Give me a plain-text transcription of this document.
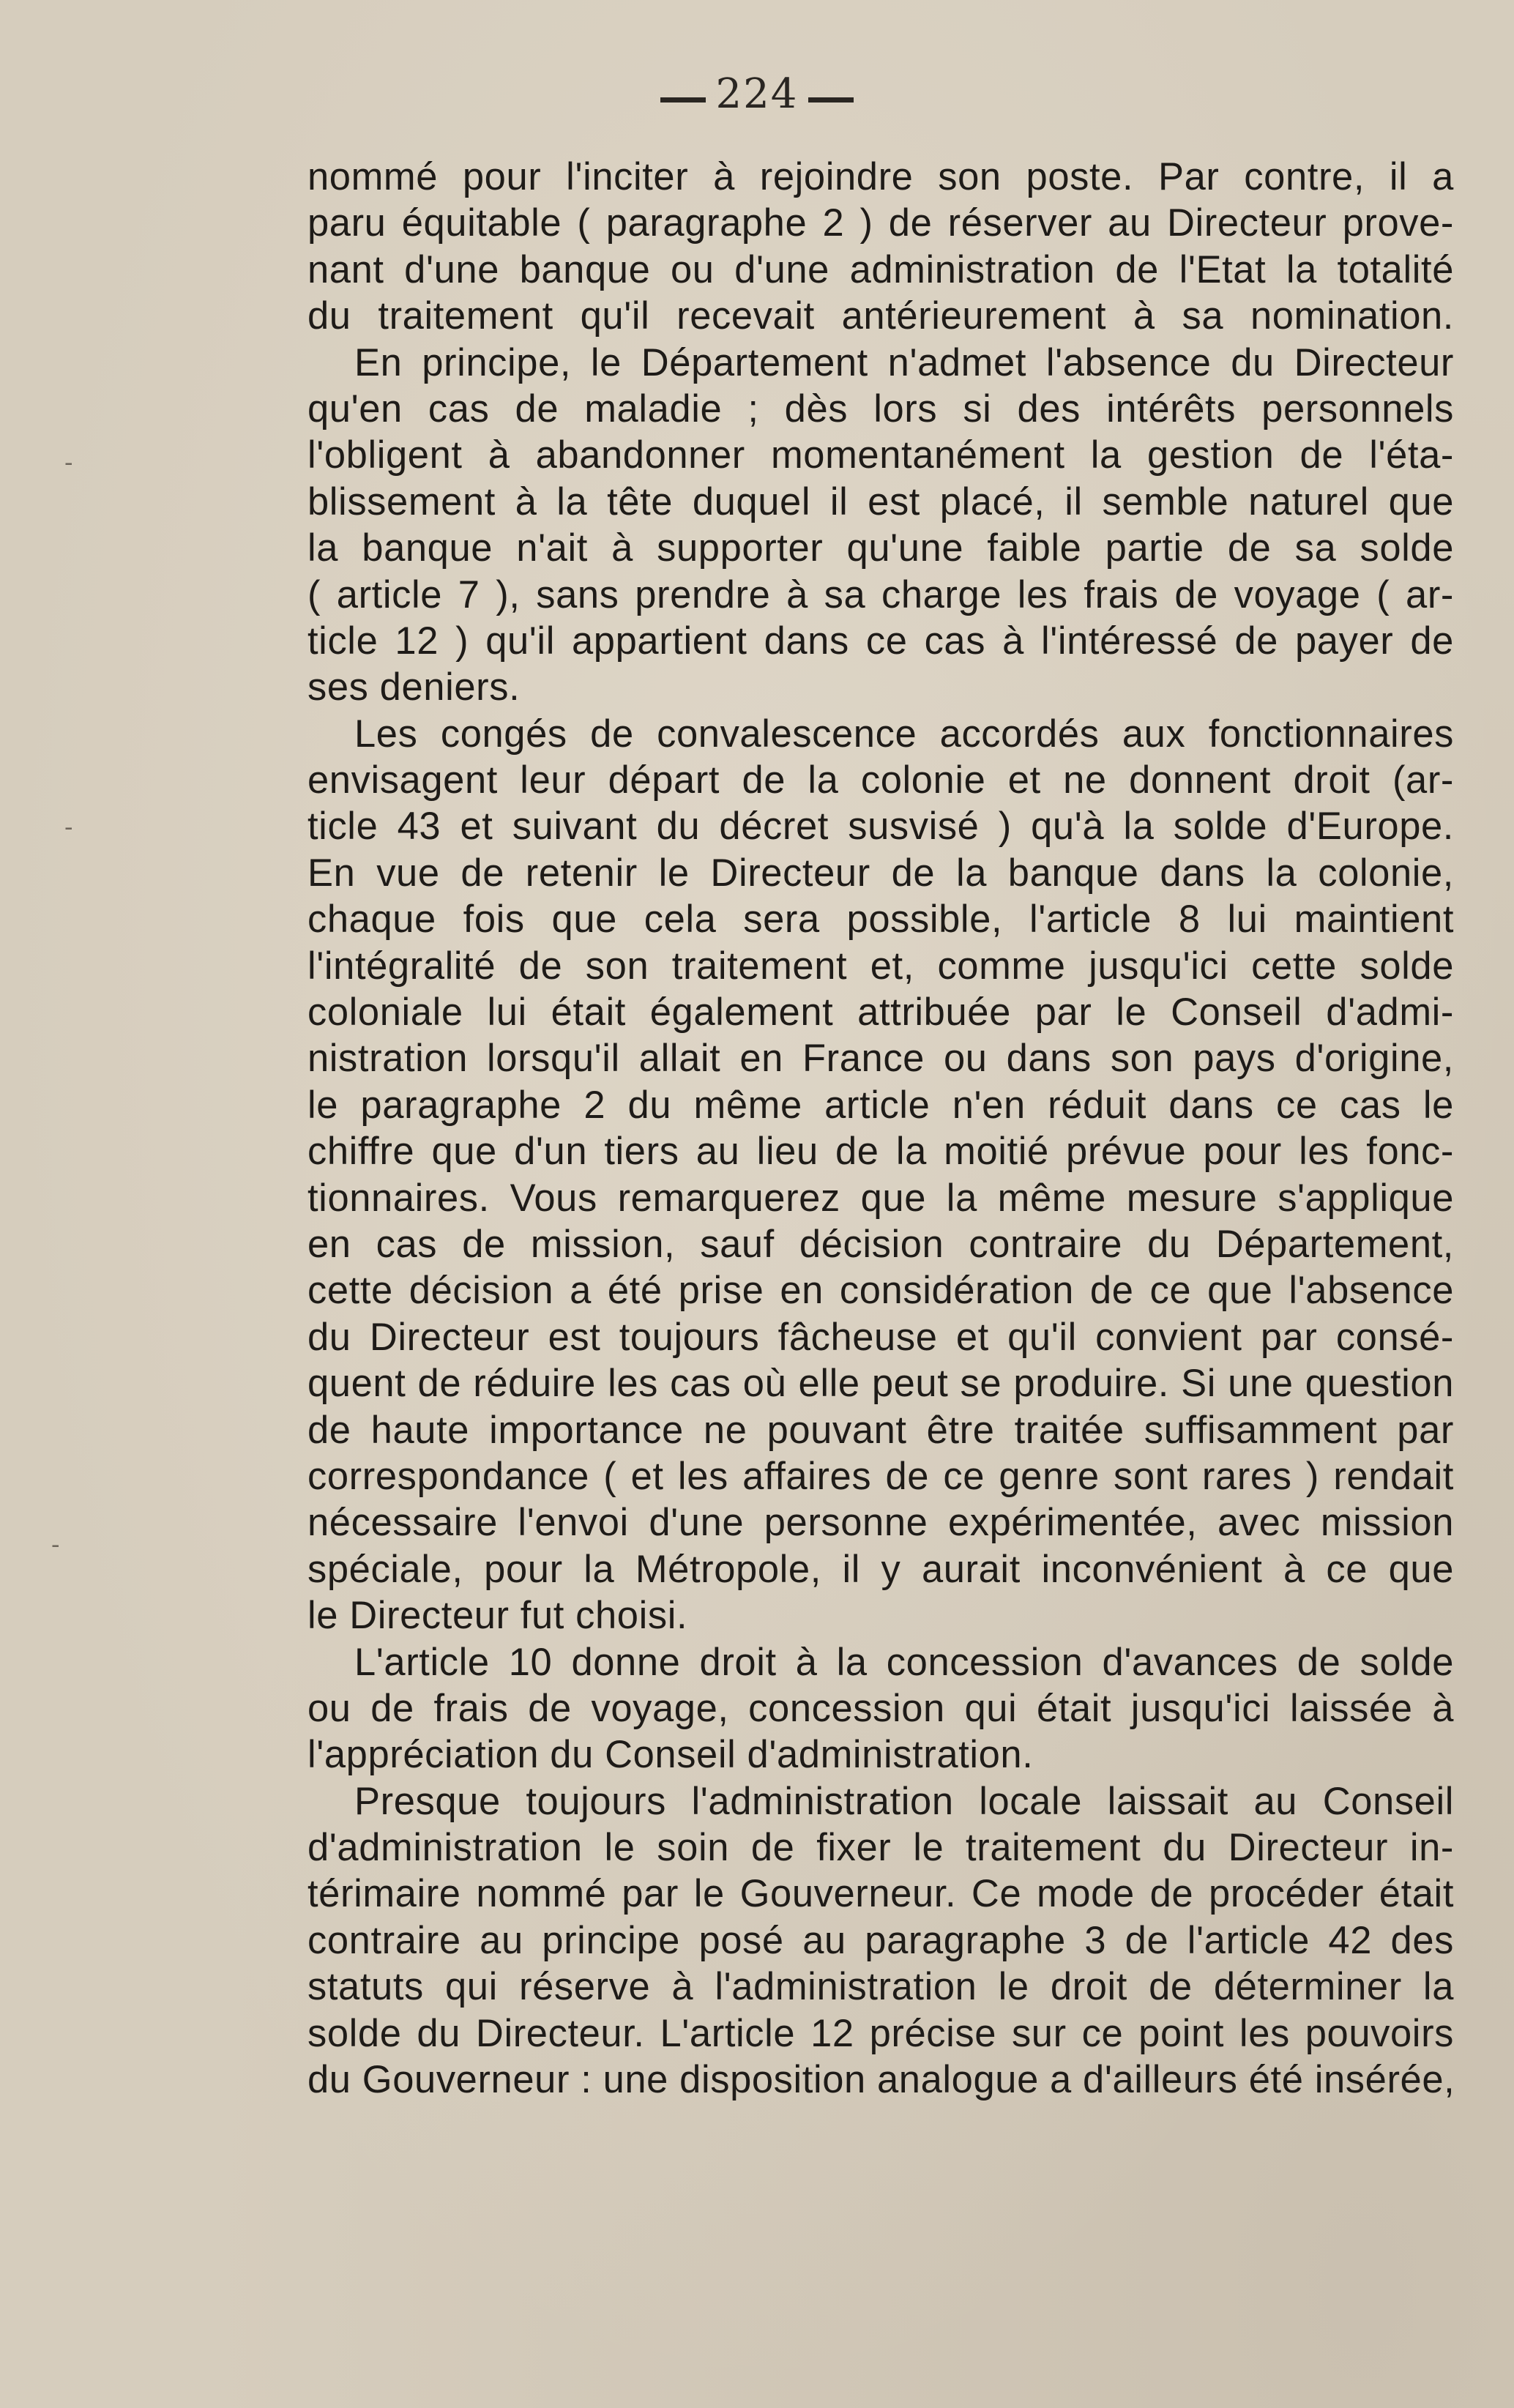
224
-
-
-
nommé pour l'inciter à rejoindre son poste. Par contre, il a
paru équitable ( paragraphe 2 ) de réserver au Directeur prove-
nant d'une banque ou d'une administration de l'Etat la totalité
du traitement qu'il recevait antérieurement à sa nomination.
En principe, le Département n'admet l'absence du Directeur
qu'en cas de maladie ; dès lors si des intérêts personnels
l'obligent à abandonner momentanément la gestion de l'éta-
blissement à la tête duquel il est placé, il semble naturel que
la banque n'ait à supporter qu'une faible partie de sa solde
( article 7 ), sans prendre à sa charge les frais de voyage ( ar-
ticle 12 ) qu'il appartient dans ce cas à l'intéressé de payer de
ses deniers.
Les congés de convalescence accordés aux fonctionnaires
envisagent leur départ de la colonie et ne donnent droit (ar-
ticle 43 et suivant du décret susvisé ) qu'à la solde d'Europe.
En vue de retenir le Directeur de la banque dans la colonie,
chaque fois que cela sera possible, l'article 8 lui maintient
l'intégralité de son traitement et, comme jusqu'ici cette solde
coloniale lui était également attribuée par le Conseil d'admi-
nistration lorsqu'il allait en France ou dans son pays d'origine,
le paragraphe 2 du même article n'en réduit dans ce cas le
chiffre que d'un tiers au lieu de la moitié prévue pour les fonc-
tionnaires. Vous remarquerez que la même mesure s'applique
en cas de mission, sauf décision contraire du Département,
cette décision a été prise en considération de ce que l'absence
du Directeur est toujours fâcheuse et qu'il convient par consé-
quent de réduire les cas où elle peut se produire. Si une question
de haute importance ne pouvant être traitée suffisamment par
correspondance ( et les affaires de ce genre sont rares ) rendait
nécessaire l'envoi d'une personne expérimentée, avec mission
spéciale, pour la Métropole, il y aurait inconvénient à ce que
le Directeur fut choisi.
L'article 10 donne droit à la concession d'avances de solde
ou de frais de voyage, concession qui était jusqu'ici laissée à
l'appréciation du Conseil d'administration.
Presque toujours l'administration locale laissait au Conseil
d'administration le soin de fixer le traitement du Directeur in-
térimaire nommé par le Gouverneur. Ce mode de procéder était
contraire au principe posé au paragraphe 3 de l'article 42 des
statuts qui réserve à l'administration le droit de déterminer la
solde du Directeur. L'article 12 précise sur ce point les pouvoirs
du Gouverneur : une disposition analogue a d'ailleurs été insérée,
